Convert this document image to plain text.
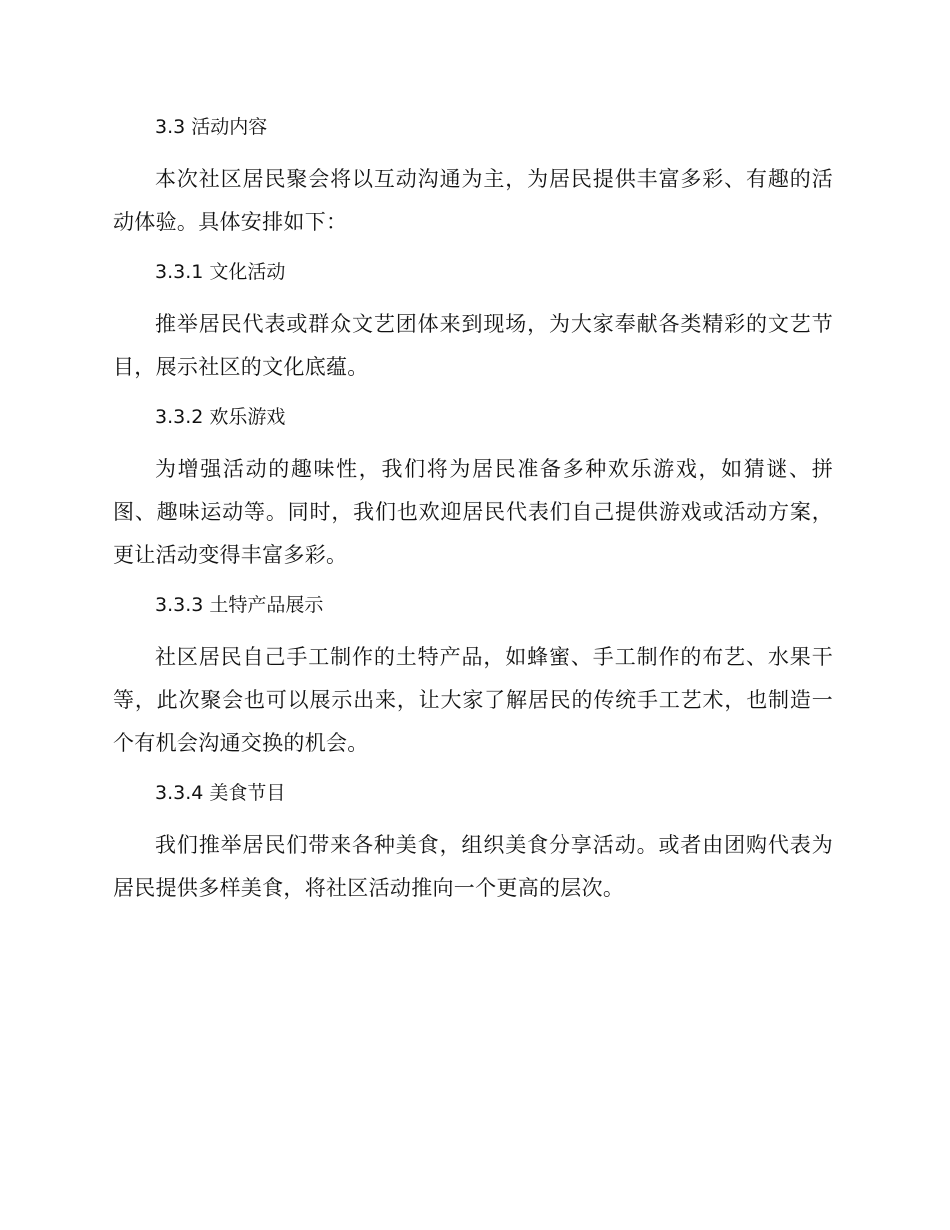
3.3 活动内容

本次社区居民聚会将以互动沟通为主，为居民提供丰富多彩、有趣的活动体验。具体安排如下：

3.3.1 文化活动

推举居民代表或群众文艺团体来到现场，为大家奉献各类精彩的文艺节目，展示社区的文化底蕴。

3.3.2 欢乐游戏

为增强活动的趣味性，我们将为居民准备多种欢乐游戏，如猜谜、拼图、趣味运动等。同时，我们也欢迎居民代表们自己提供游戏或活动方案，更让活动变得丰富多彩。

3.3.3 土特产品展示

社区居民自己手工制作的土特产品，如蜂蜜、手工制作的布艺、水果干等，此次聚会也可以展示出来，让大家了解居民的传统手工艺术，也制造一个有机会沟通交换的机会。

3.3.4 美食节目

我们推举居民们带来各种美食，组织美食分享活动。或者由团购代表为居民提供多样美食，将社区活动推向一个更高的层次。
